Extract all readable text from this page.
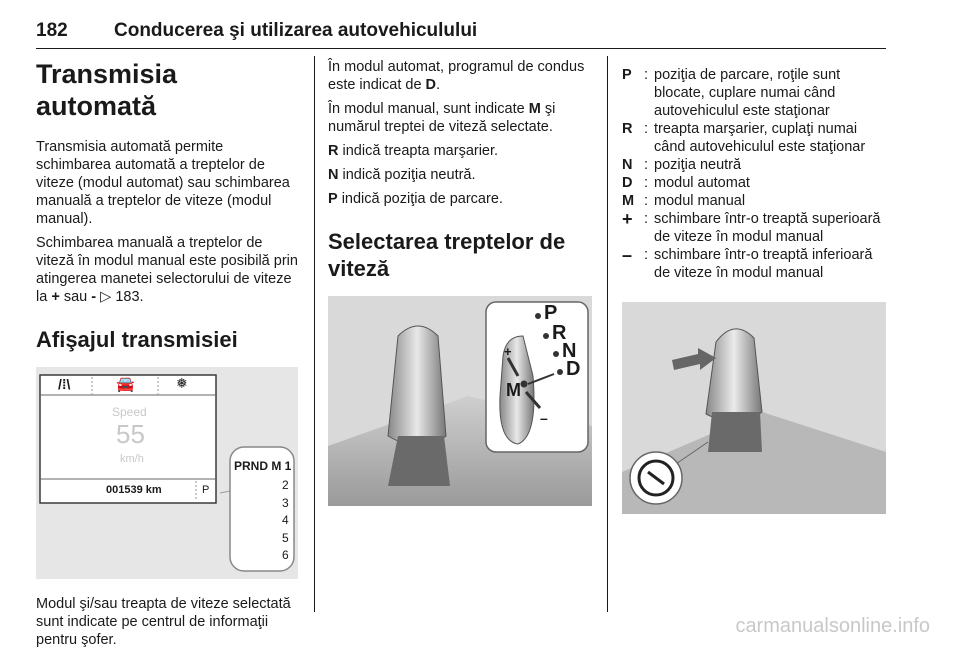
182 Conducerea şi utilizarea autovehiculului
Transmisia automată

Transmisia automată permite schimbarea automată a treptelor de viteze (modul automat) sau schimbarea manuală a treptelor de viteze (modul manual).

Schimbarea manuală a treptelor de viteză în modul manual este posibilă prin atingerea manetei selectorului de viteze la + sau - ▷ 183.

Afişajul transmisiei
/⁞\	🚘	❅
Speed
55
km/h
001539 km	P
PRND M 1
2
3
4
5
6

Modul şi/sau treapta de viteze selectată sunt indicate pe centrul de informaţii pentru şofer.

În modul automat, programul de condus este indicat de D.

În modul manual, sunt indicate M şi numărul treptei de viteză selectate.

R indică treapta marşarier.

N indică poziţia neutră.

P indică poziţia de parcare.

Selectarea treptelor de viteză
P
R
N
D
M
+
–
P : poziţia de parcare, roţile sunt blocate, cuplare numai când autovehiculul este staţionar
R : treapta marşarier, cuplaţi numai când autovehiculul este staţionar
N : poziţia neutră
D : modul automat
M : modul manual
+ : schimbare într-o treaptă superioară de viteze în modul manual
– : schimbare într-o treaptă inferioară de viteze în modul manual
carmanualsonline.info
